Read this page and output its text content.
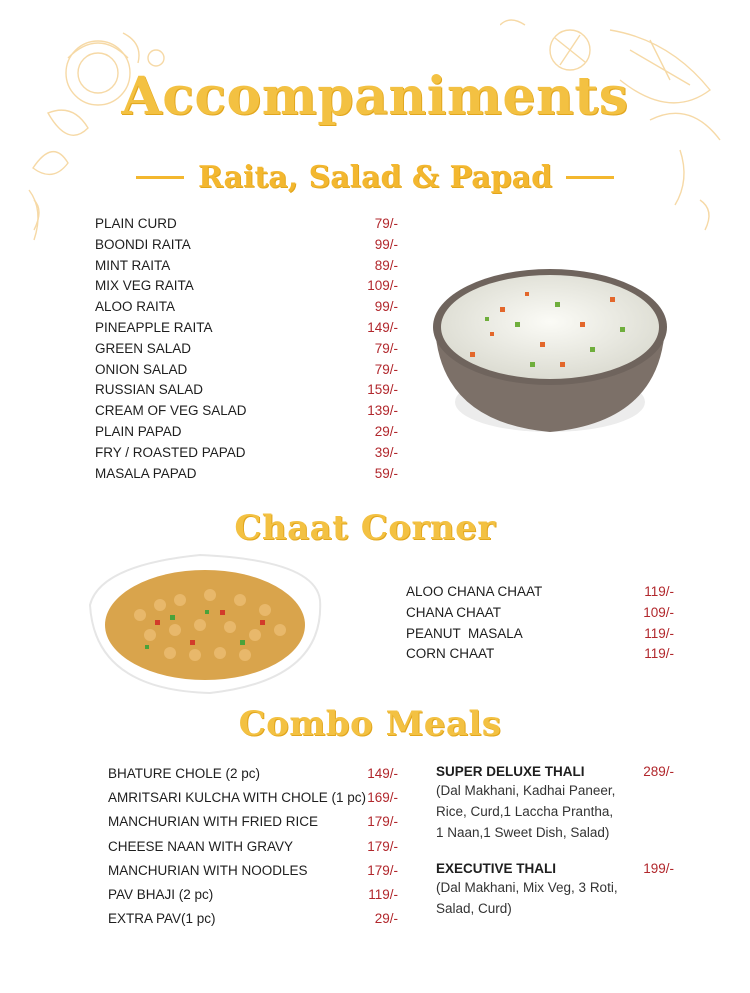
Accompaniments
Raita, Salad & Papad
PLAIN CURD	79/-
BOONDI RAITA	99/-
MINT RAITA	89/-
MIX VEG RAITA	109/-
ALOO RAITA	99/-
PINEAPPLE RAITA	149/-
GREEN SALAD	79/-
ONION SALAD	79/-
RUSSIAN SALAD	159/-
CREAM OF VEG SALAD	139/-
PLAIN PAPAD	29/-
FRY / ROASTED PAPAD	39/-
MASALA PAPAD	59/-
Chaat Corner
ALOO CHANA CHAAT	119/-
CHANA CHAAT	109/-
PEANUT  MASALA	119/-
CORN CHAAT	119/-
Combo Meals
BHATURE CHOLE (2 pc)	149/-
AMRITSARI KULCHA WITH CHOLE (1 pc) 169/-
MANCHURIAN WITH FRIED RICE	179/-
CHEESE NAAN WITH GRAVY	179/-
MANCHURIAN WITH NOODLES	179/-
PAV BHAJI (2 pc)	119/-
EXTRA PAV(1 pc)	29/-
SUPER DELUXE THALI	289/-
(Dal Makhani, Kadhai Paneer,
Rice, Curd,1 Laccha Prantha,
1 Naan,1 Sweet Dish, Salad)
EXECUTIVE THALI	199/-
(Dal Makhani, Mix Veg, 3 Roti,
Salad, Curd)
